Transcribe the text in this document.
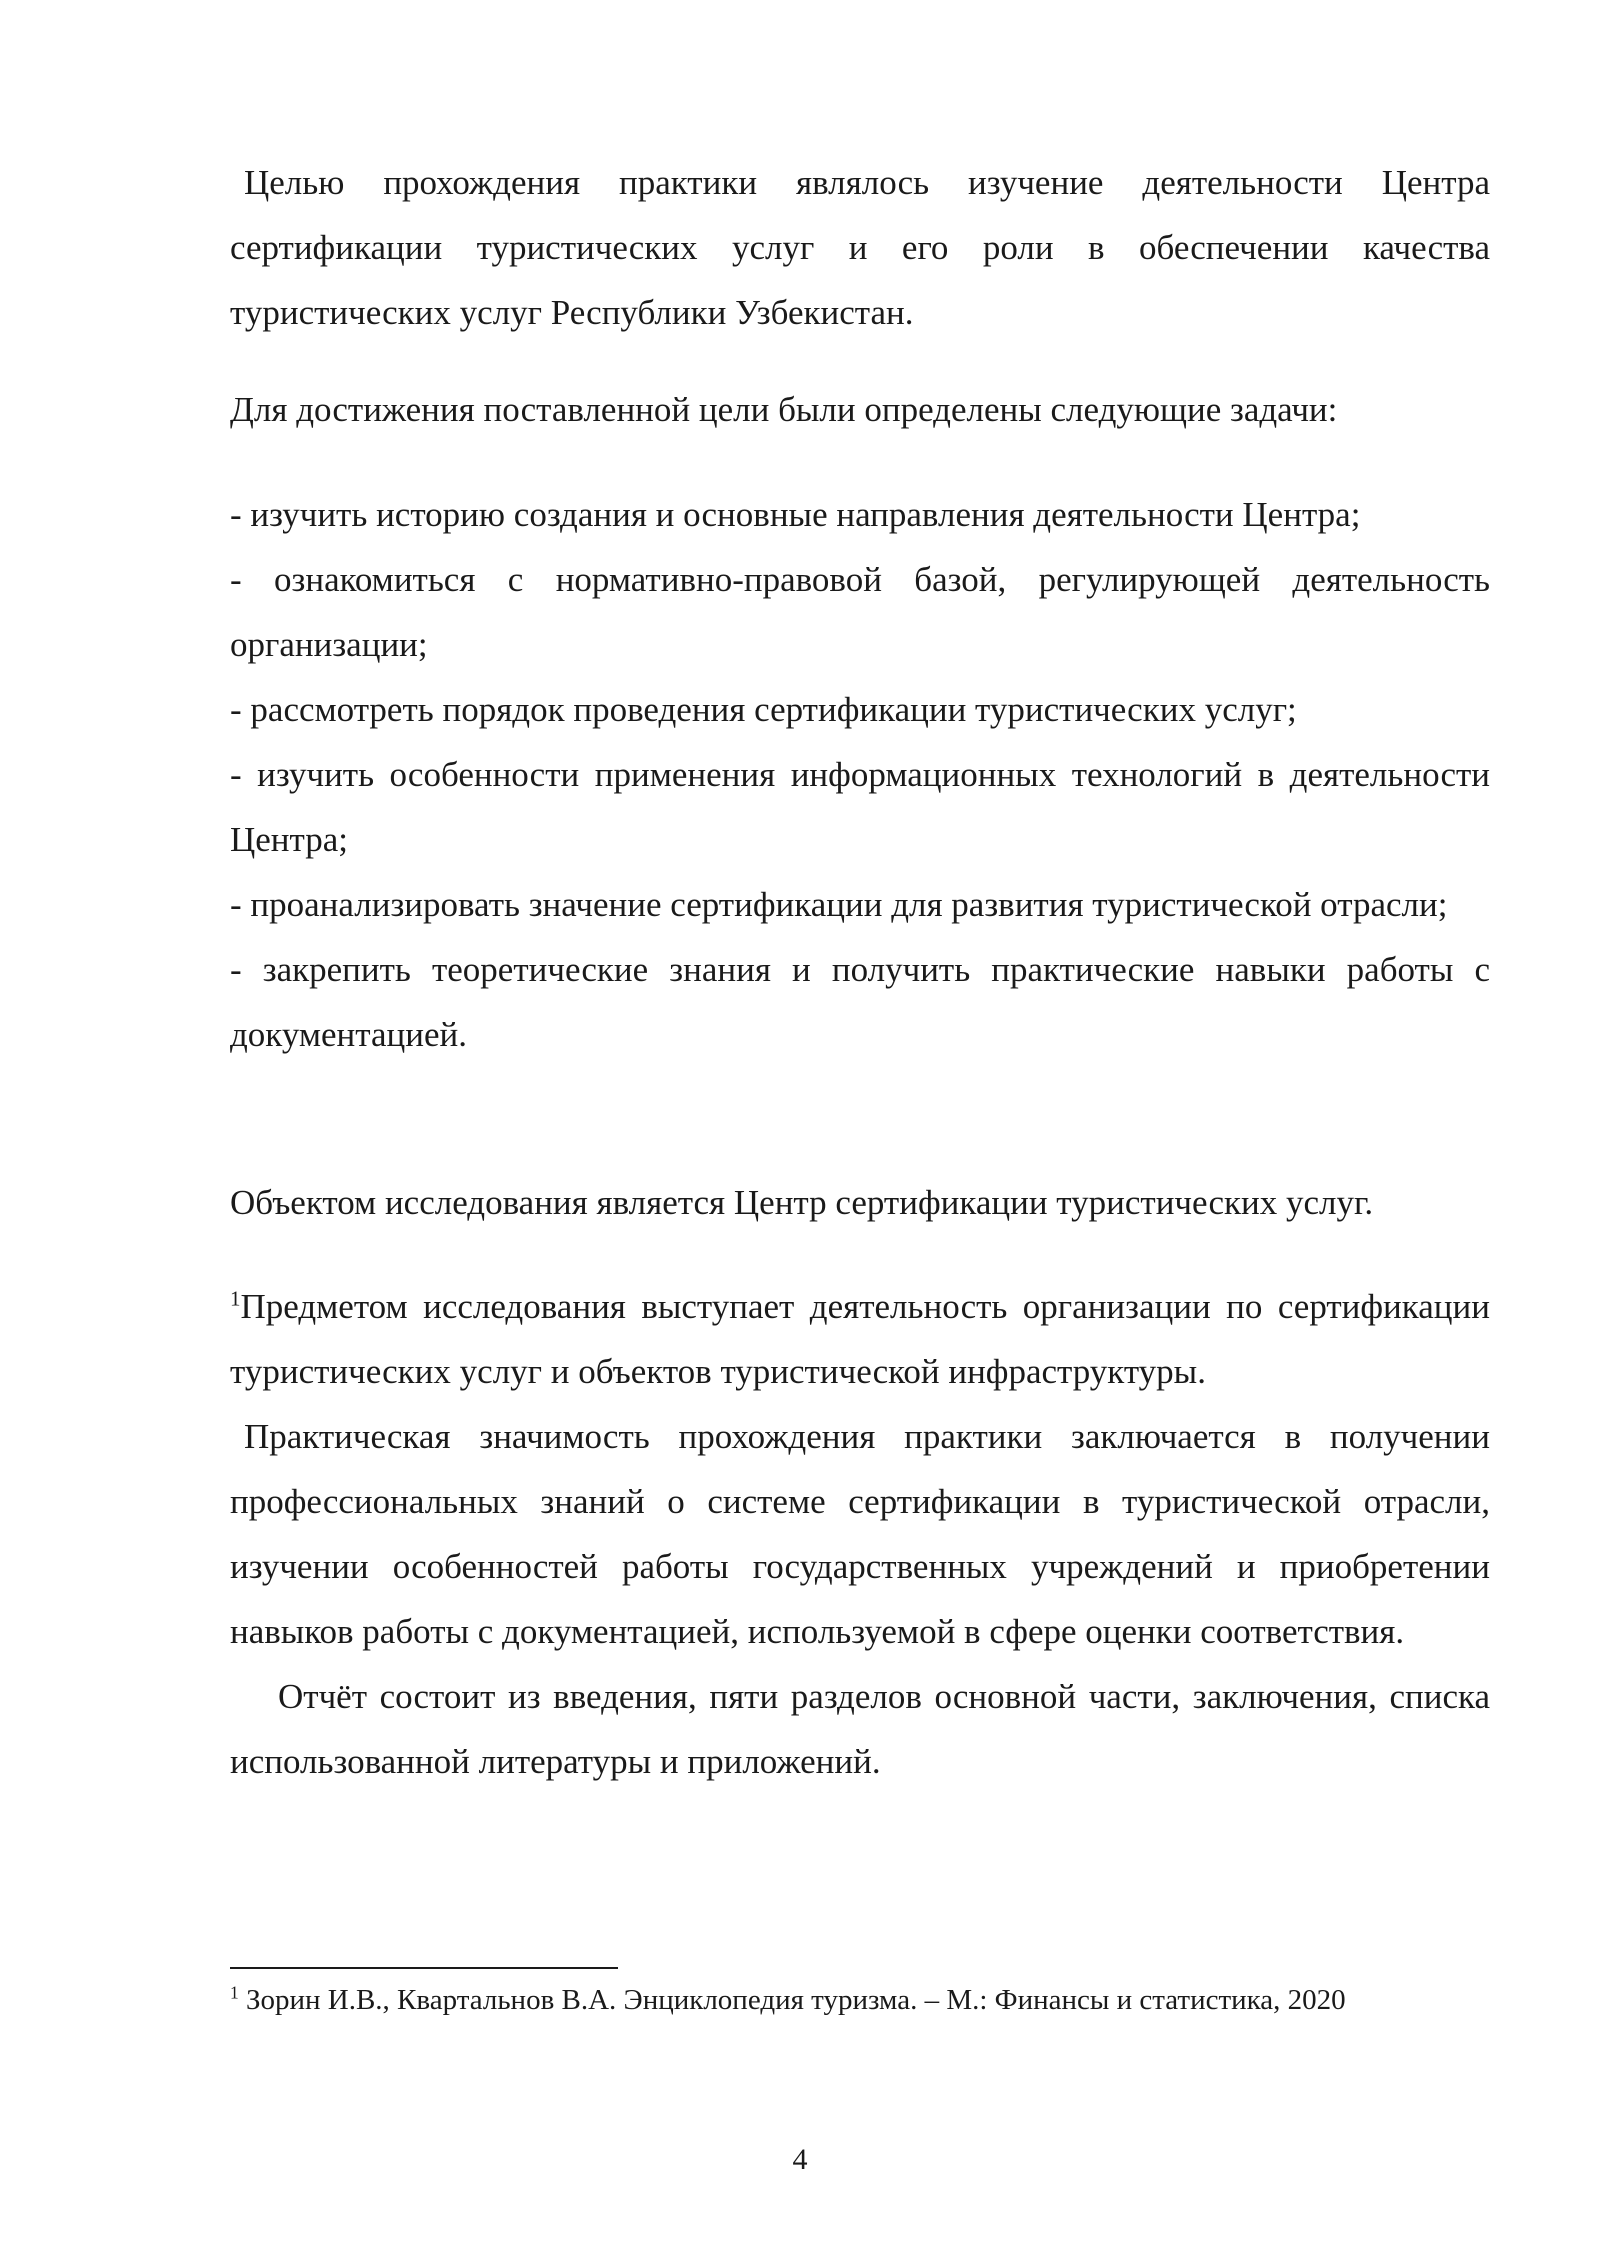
Целью прохождения практики являлось изучение деятельности Центра сертификации туристических услуг и его роли в обеспечении качества туристических услуг Республики Узбекистан.

Для достижения поставленной цели были определены следующие задачи:

- изучить историю создания и основные направления деятельности Центра;

- ознакомиться с нормативно-правовой базой, регулирующей деятельность организации;

- рассмотреть порядок проведения сертификации туристических услуг;

- изучить особенности применения информационных технологий в деятельности Центра;

- проанализировать значение сертификации для развития туристической отрасли;

- закрепить теоретические знания и получить практические навыки работы с документацией.

Объектом исследования является Центр сертификации туристических услуг.

$^1$Предметом исследования выступает деятельность организации по сертификации туристических услуг и объектов туристической инфраструктуры.

Практическая значимость прохождения практики заключается в получении профессиональных знаний о системе сертификации в туристической отрасли, изучении особенностей работы государственных учреждений и приобретении навыков работы с документацией, используемой в сфере оценки соответствия.

Отчёт состоит из введения, пяти разделов основной части, заключения, списка использованной литературы и приложений.

$^1$ Зорин И.В., Квартальнов В.А. Энциклопедия туризма. – М.: Финансы и статистика, 2020
4
